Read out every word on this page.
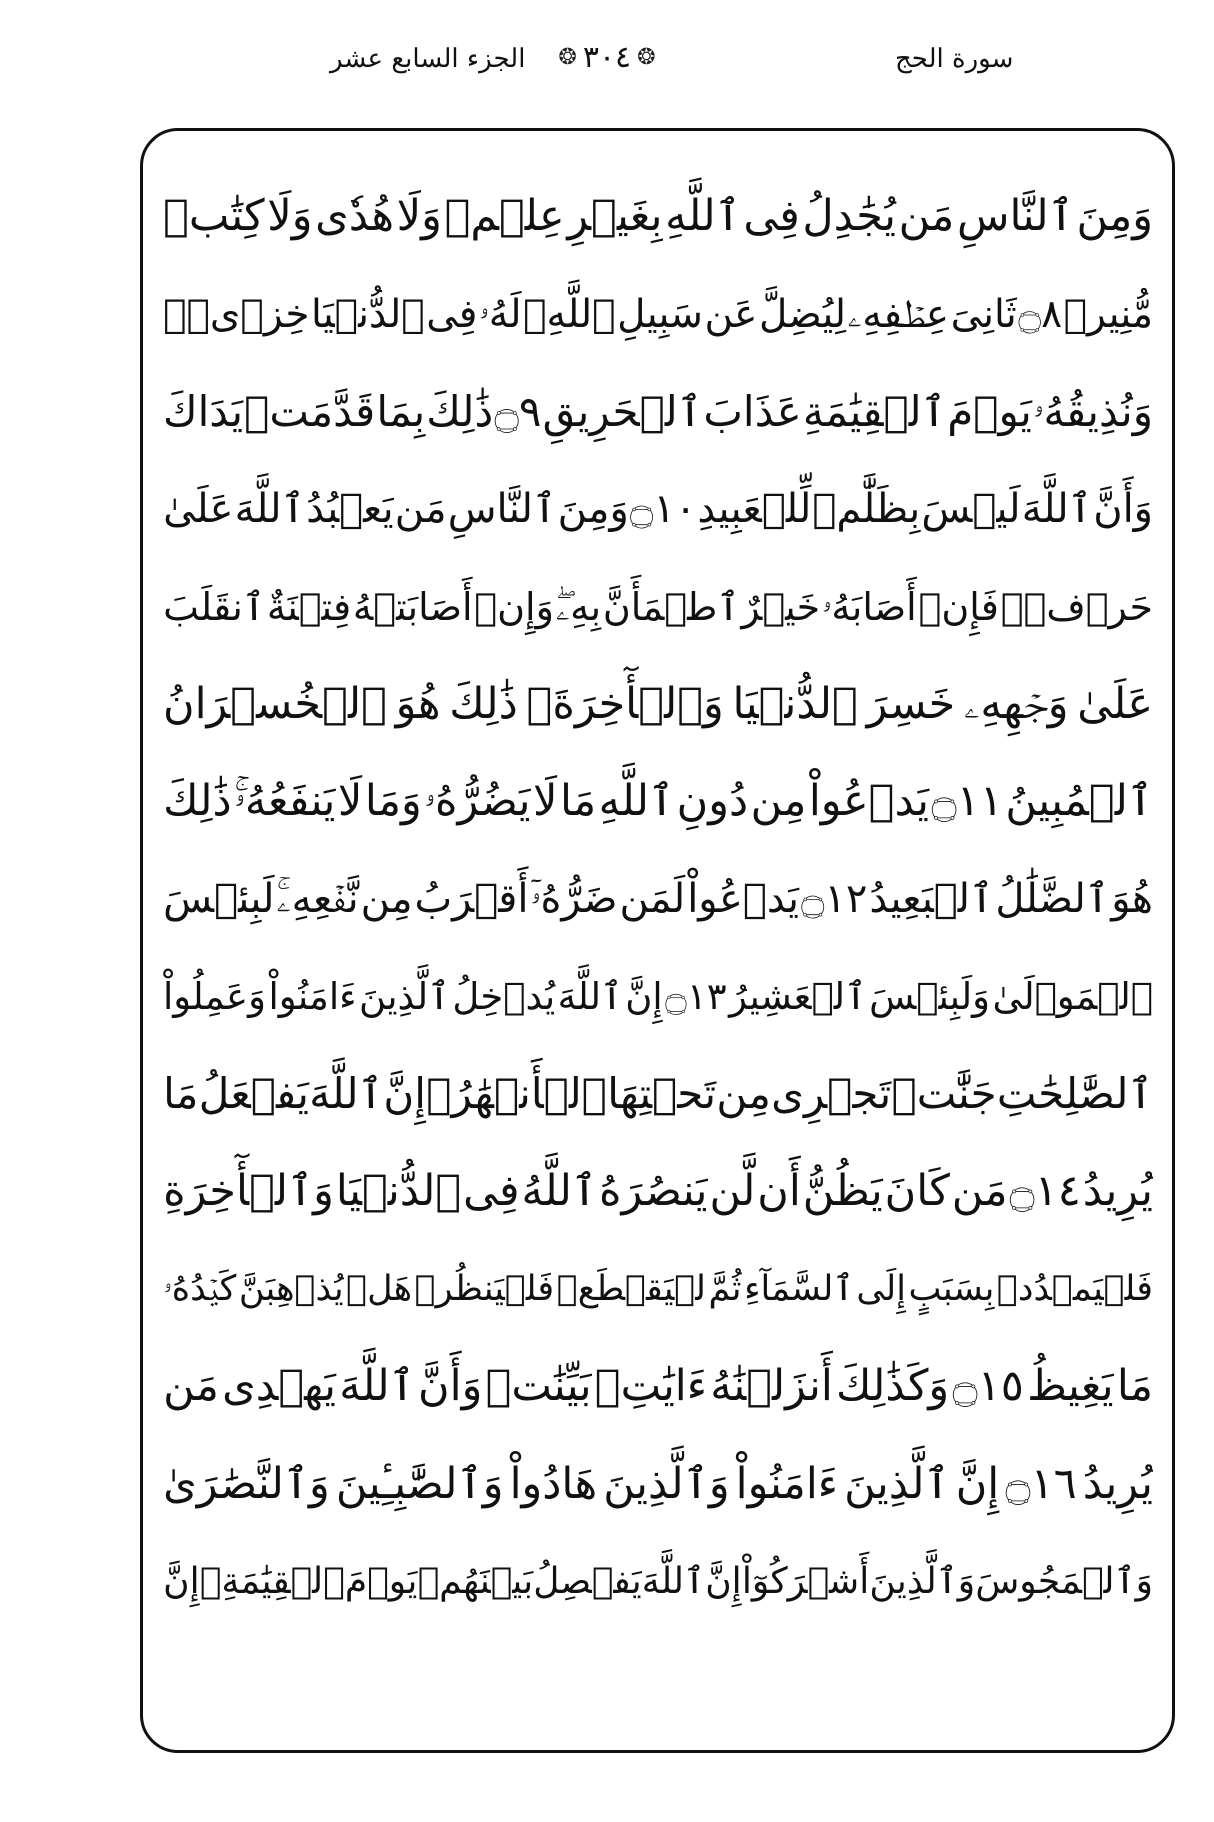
الجزء السابع عشر	❂
٣٠٤
❂	سورة الحج
وَمِنَ
ٱلنَّاسِ
مَن
يُجَٰدِلُ
فِى
ٱللَّهِ
بِغَيۡرِ
عِلۡمٖ
وَلَا
هُدٗى
وَلَا
كِتَٰبٖ
مُّنِيرٖ
۝٨
ثَانِىَ
عِطۡفِهِۦ
لِيُضِلَّ
عَن
سَبِيلِ
ٱللَّهِۖ
لَهُۥ
فِى
ٱلدُّنۡيَا
خِزۡىٞۖ
وَنُذِيقُهُۥ
يَوۡمَ
ٱلۡقِيَٰمَةِ
عَذَابَ
ٱلۡحَرِيقِ
۝٩
ذَٰلِكَ
بِمَا
قَدَّمَتۡ
يَدَاكَ
وَأَنَّ
ٱللَّهَ
لَيۡسَ
بِظَلَّٰمٖ
لِّلۡعَبِيدِ
۝١٠
وَمِنَ
ٱلنَّاسِ
مَن
يَعۡبُدُ
ٱللَّهَ
عَلَىٰ
حَرۡفٖۖ
فَإِنۡ
أَصَابَهُۥ
خَيۡرٌ
ٱطۡمَأَنَّ
بِهِۦۖ
وَإِنۡ
أَصَابَتۡهُ
فِتۡنَةٌ
ٱنقَلَبَ
عَلَىٰ
وَجۡهِهِۦ
خَسِرَ
ٱلدُّنۡيَا
وَٱلۡأٓخِرَةَۚ
ذَٰلِكَ
هُوَ
ٱلۡخُسۡرَانُ
ٱلۡمُبِينُ
۝١١
يَدۡعُواْ
مِن
دُونِ
ٱللَّهِ
مَا
لَا
يَضُرُّهُۥ
وَمَا
لَا
يَنفَعُهُۥۚ
ذَٰلِكَ
هُوَ
ٱلضَّلَٰلُ
ٱلۡبَعِيدُ
۝١٢
يَدۡعُواْ
لَمَن
ضَرُّهُۥٓ
أَقۡرَبُ
مِن
نَّفۡعِهِۦۚ
لَبِئۡسَ
ٱلۡمَوۡلَىٰ
وَلَبِئۡسَ
ٱلۡعَشِيرُ
۝١٣
إِنَّ
ٱللَّهَ
يُدۡخِلُ
ٱلَّذِينَ
ءَامَنُواْ
وَعَمِلُواْ
ٱلصَّٰلِحَٰتِ
جَنَّٰتٖ
تَجۡرِى
مِن
تَحۡتِهَا
ٱلۡأَنۡهَٰرُۚ
إِنَّ
ٱللَّهَ
يَفۡعَلُ
مَا
يُرِيدُ
۝١٤
مَن
كَانَ
يَظُنُّ
أَن
لَّن
يَنصُرَهُ
ٱللَّهُ
فِى
ٱلدُّنۡيَا
وَٱلۡأٓخِرَةِ
فَلۡيَمۡدُدۡ
بِسَبَبٍ
إِلَى
ٱلسَّمَآءِ
ثُمَّ
لۡيَقۡطَعۡ
فَلۡيَنظُرۡ
هَلۡ
يُذۡهِبَنَّ
كَيۡدُهُۥ
مَا
يَغِيظُ
۝١٥
وَكَذَٰلِكَ
أَنزَلۡنَٰهُ
ءَايَٰتِۭ
بَيِّنَٰتٖ
وَأَنَّ
ٱللَّهَ
يَهۡدِى
مَن
يُرِيدُ
۝١٦
إِنَّ
ٱلَّذِينَ
ءَامَنُواْ
وَٱلَّذِينَ
هَادُواْ
وَٱلصَّٰبِـِٔينَ
وَٱلنَّصَٰرَىٰ
وَٱلۡمَجُوسَ
وَٱلَّذِينَ
أَشۡرَكُوٓاْ
إِنَّ
ٱللَّهَ
يَفۡصِلُ
بَيۡنَهُمۡ
يَوۡمَ
ٱلۡقِيَٰمَةِۚ
إِنَّ
